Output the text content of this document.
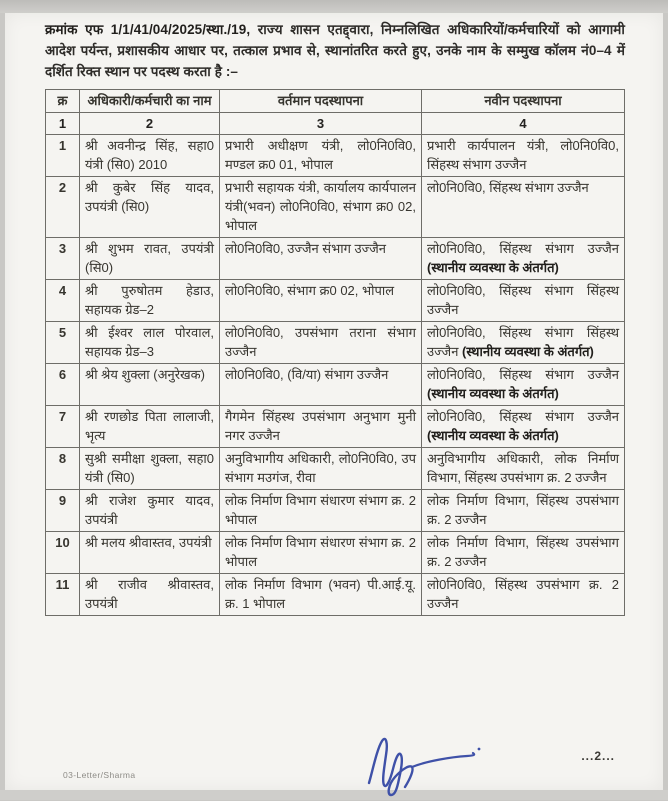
क्रमांक एफ 1/1/41/04/2025/स्था./19, राज्य शासन एतद्द्वारा, निम्नलिखित अधिकारियों/कर्मचारियों को आगामी आदेश पर्यन्त, प्रशासकीय आधार पर, तत्काल प्रभाव से, स्थानांतरित करते हुए, उनके नाम के सम्मुख कॉलम नं0–4 में दर्शित रिक्त स्थान पर पदस्थ करता है :–

क्र	अधिकारी/कर्मचारी का नाम	वर्तमान पदस्थापना	नवीन पदस्थापना
1	2	3	4
1	श्री अवनीन्द्र सिंह, सहा0 यंत्री (सि0) 2010	प्रभारी अधीक्षण यंत्री, लो0नि0वि0, मण्डल क्र0 01, भोपाल	प्रभारी कार्यपालन यंत्री, लो0नि0वि0, सिंहस्थ संभाग उज्जैन
2	श्री कुबेर सिंह यादव, उपयंत्री (सि0)	प्रभारी सहायक यंत्री, कार्यालय कार्यपालन यंत्री(भवन) लो0नि0वि0, संभाग क्र0 02, भोपाल	लो0नि0वि0, सिंहस्थ संभाग उज्जैन
3	श्री शुभम रावत, उपयंत्री (सि0)	लो0नि0वि0, उज्जैन संभाग उज्जैन	लो0नि0वि0, सिंहस्थ संभाग उज्जैन (स्थानीय व्यवस्था के अंतर्गत)
4	श्री पुरुषोतम हेडाउ, सहायक ग्रेड–2	लो0नि0वि0, संभाग क्र0 02, भोपाल	लो0नि0वि0, सिंहस्थ संभाग सिंहस्थ उज्जैन
5	श्री ईश्वर लाल पोरवाल, सहायक ग्रेड–3	लो0नि0वि0, उपसंभाग तराना संभाग उज्जैन	लो0नि0वि0, सिंहस्थ संभाग सिंहस्थ उज्जैन (स्थानीय व्यवस्था के अंतर्गत)
6	श्री श्रेय शुक्ला (अनुरेखक)	लो0नि0वि0, (वि/या) संभाग उज्जैन	लो0नि0वि0, सिंहस्थ संभाग उज्जैन (स्थानीय व्यवस्था के अंतर्गत)
7	श्री रणछोड पिता लालाजी, भृत्य	गैगमेन सिंहस्थ उपसंभाग अनुभाग मुनी नगर उज्जैन	लो0नि0वि0, सिंहस्थ संभाग उज्जैन (स्थानीय व्यवस्था के अंतर्गत)
8	सुश्री समीक्षा शुक्ला, सहा0 यंत्री (सि0)	अनुविभागीय अधिकारी, लो0नि0वि0, उप संभाग मउगंज, रीवा	अनुविभागीय अधिकारी, लोक निर्माण विभाग, सिंहस्थ उपसंभाग क्र. 2 उज्जैन
9	श्री राजेश कुमार यादव, उपयंत्री	लोक निर्माण विभाग संधारण संभाग क्र. 2 भोपाल	लोक निर्माण विभाग, सिंहस्थ उपसंभाग क्र. 2 उज्जैन
10	श्री मलय श्रीवास्तव, उपयंत्री	लोक निर्माण विभाग संधारण संभाग क्र. 2 भोपाल	लोक निर्माण विभाग, सिंहस्थ उपसंभाग क्र. 2 उज्जैन
11	श्री राजीव श्रीवास्तव, उपयंत्री	लोक निर्माण विभाग (भवन) पी.आई.यू. क्र. 1 भोपाल	लो0नि0वि0, सिंहस्थ उपसंभाग क्र. 2 उज्जैन
...2...
03-Letter/Sharma
